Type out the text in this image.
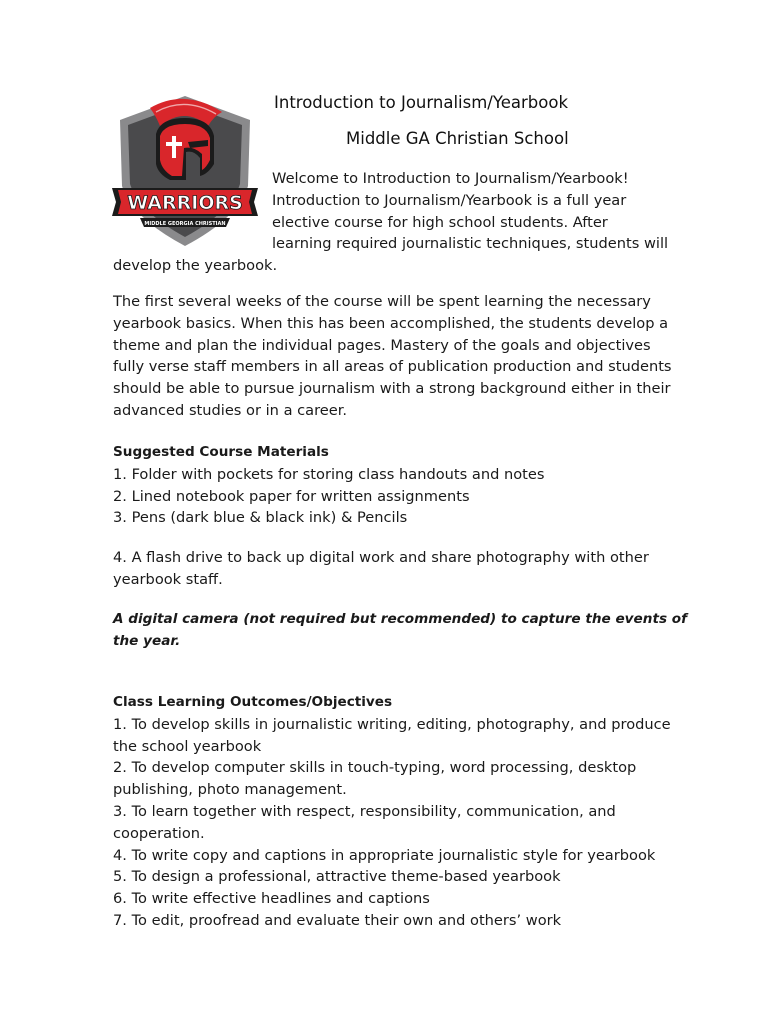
WARRIORS
MIDDLE GEORGIA CHRISTIAN
Introduction to Journalism/Yearbook
Middle GA Christian School
Welcome to Introduction to Journalism/Yearbook!
Introduction to Journalism/Yearbook is a full year
elective course for high school students. After
learning required journalistic techniques, students will
develop the yearbook.
The first several weeks of the course will be spent learning the necessary
yearbook basics. When this has been accomplished, the students develop a
theme and plan the individual pages. Mastery of the goals and objectives
fully verse staff members in all areas of publication production and students
should be able to pursue journalism with a strong background either in their
advanced studies or in a career.
Suggested Course Materials
1. Folder with pockets for storing class handouts and notes
2. Lined notebook paper for written assignments
3. Pens (dark blue & black ink) & Pencils
4. A flash drive to back up digital work and share photography with other
yearbook staff.
A digital camera (not required but recommended) to capture the events of
the year.
Class Learning Outcomes/Objectives
1. To develop skills in journalistic writing, editing, photography, and produce
the school yearbook
2. To develop computer skills in touch-typing, word processing, desktop
publishing, photo management.
3. To learn together with respect, responsibility, communication, and
cooperation.
4. To write copy and captions in appropriate journalistic style for yearbook
5. To design a professional, attractive theme-based yearbook
6. To write effective headlines and captions
7. To edit, proofread and evaluate their own and others’ work
